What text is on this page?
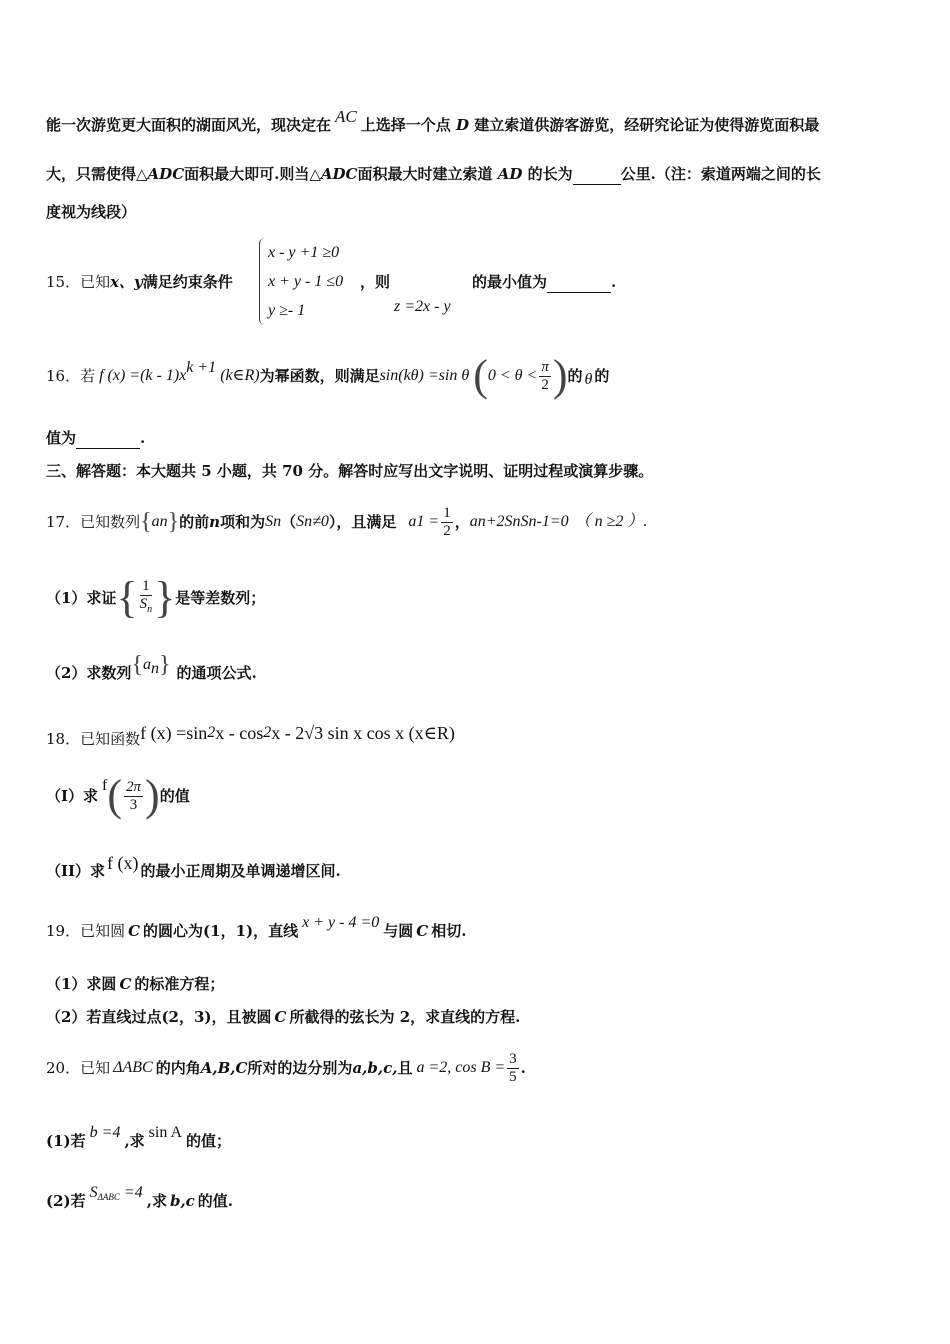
能一次游览更大面积的湖面风光，现决定在 AC 上选择一个点 D 建立索道供游客游览，经研究论证为使得游览面积最
大，只需使得△ADC面积最大即可.则当△ADC面积最大时建立索道 AD 的长为	公里.（注：索道两端之间的长
度视为线段）
15．已知x、y满足约束条件
x - y +1 ≥0
x + y - 1 ≤0
y ≥- 1
，则
z =2x - y
的最小值为	.
16．若 f $(x) =(k - 1)x^{k +1}$ (k∈R) 为幂函数，则满足 sin(kθ) =sin θ ( $0 < \theta < \frac{\pi}{2}$ ) 的 θ 的
值为	.
三、解答题：本大题共 5 小题，共 70 分。解答时应写出文字说明、证明过程或演算步骤。
17．已知数列 { a n } 的前 n 项和为 S n （ S n ≠0 ），且满足 a $1 = \frac{1}{2}$ ， a n +2S n S n-1 =0 （ n ≥2 ）.
（1）求证 { $\frac{1}{S_n}$ } 是等差数列；
（2）求数列 { $a_n$ } 的通项公式.
18．已知函数 f (x) =sin 2 x - cos 2 x - 2√3 sin x cos x (x∈R)
（I）求
f ( $\frac{2\pi}{3}$ ) 的值
（II）求 f (x) 的最小正周期及单调递增区间.
19．已知圆 C 的圆心为(1，1)，直线 x + y - 4 =0 与圆 C 相切.
（1）求圆 C 的标准方程；
（2）若直线过点(2，3)，且被圆 C 所截得的弦长为 2，求直线的方程.
20．已知 ΔABC 的内角 A,B,C 所对的边分别为 a,b,c, 且 a =2, $\cos B = \frac{3}{5}$ .
(1)若 b =4 ,求 sin A 的值；
(2)若 $S_{\Delta ABC} =4$ ,求 b,c 的值.
